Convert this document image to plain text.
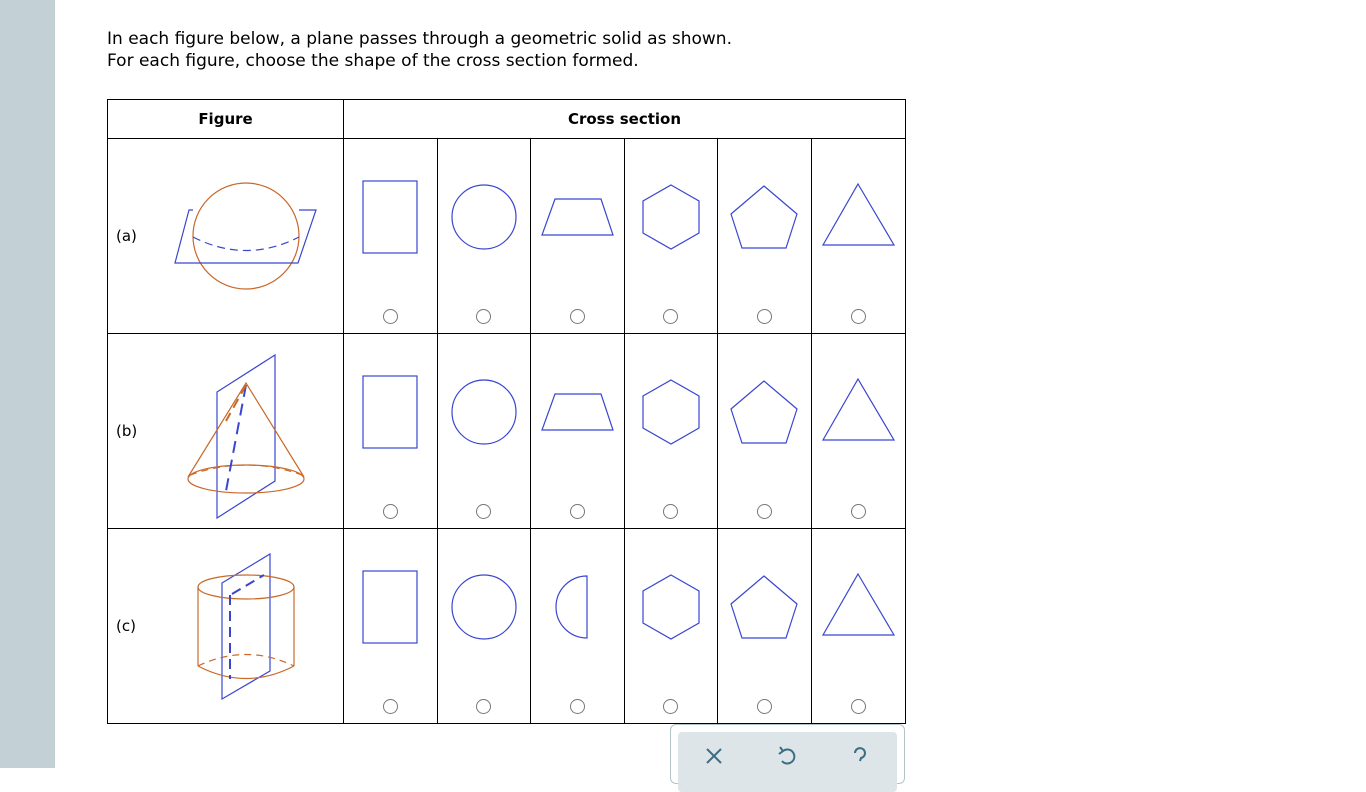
In each figure below, a plane passes through a geometric solid as shown.
For each figure, choose the shape of the cross section formed.
Figure	Cross section					

(a)

(b)

(c)
